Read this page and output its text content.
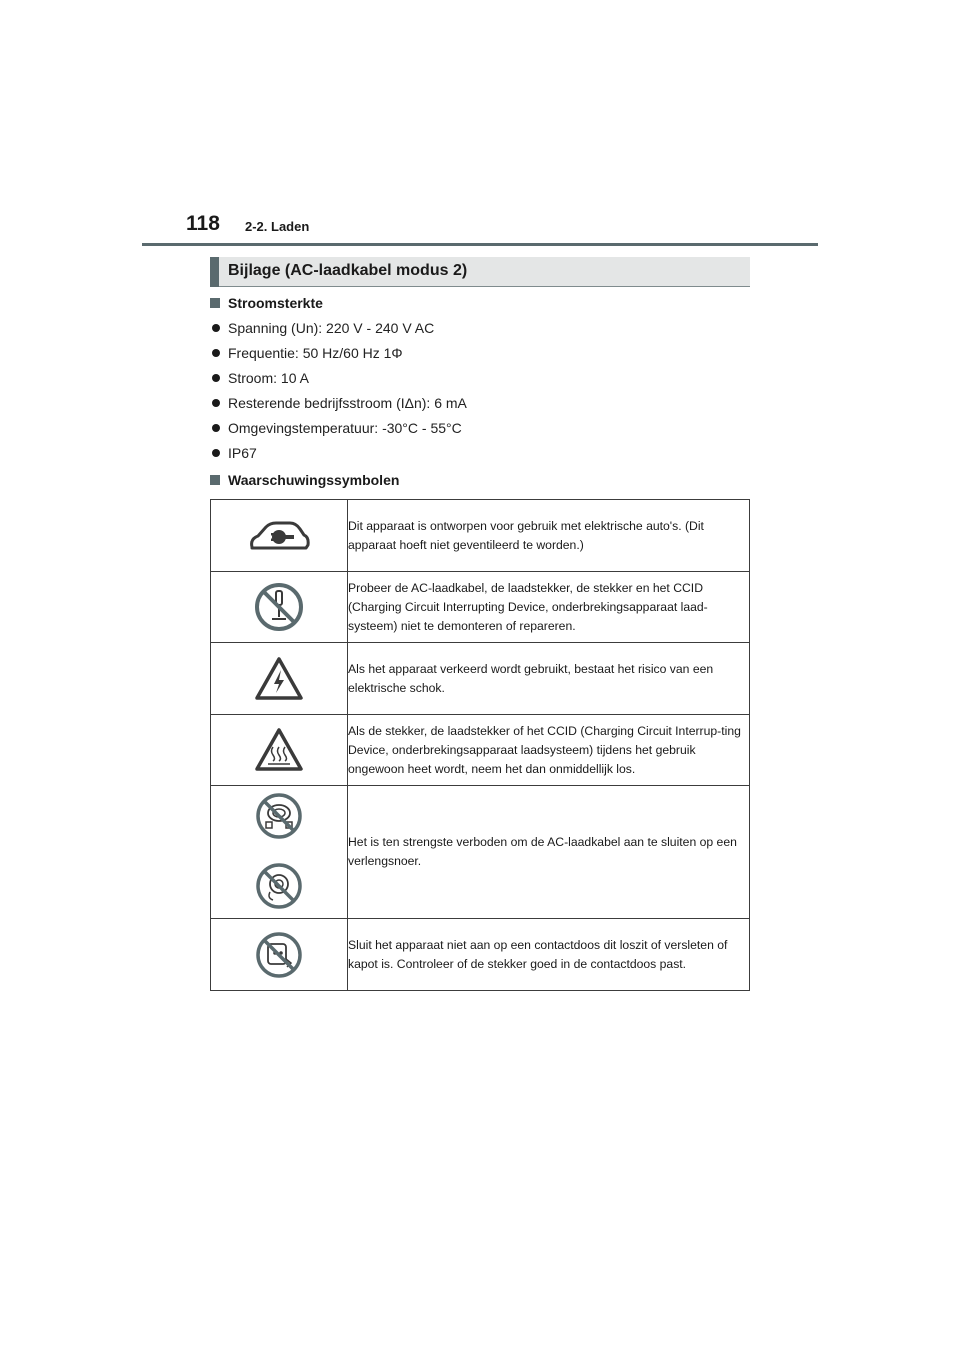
118 2-2. Laden
Bijlage (AC-laadkabel modus 2)
Stroomsterkte
Spanning (Un): 220 V - 240 V AC
Frequentie: 50 Hz/60 Hz 1Φ
Stroom: 10 A
Resterende bedrijfsstroom (IΔn): 6 mA
Omgevingstemperatuur: -30°C - 55°C
IP67
Waarschuwingssymbolen
	Dit apparaat is ontworpen voor gebruik met elektrische auto's. (Dit apparaat hoeft niet geventileerd te worden.)

	Probeer de AC-laadkabel, de laadstekker, de stekker en het CCID (Charging Circuit Interrupting Device, onderbrekingsapparaat laad-systeem) niet te demonteren of repareren.

	Als het apparaat verkeerd wordt gebruikt, bestaat het risico van een elektrische schok.

	Als de stekker, de laadstekker of het CCID (Charging Circuit Interrup-ting Device, onderbrekingsapparaat laadsysteem) tijdens het gebruik ongewoon heet wordt, neem het dan onmiddellijk los.

	Het is ten strengste verboden om de AC-laadkabel aan te sluiten op een verlengsnoer.

	Sluit het apparaat niet aan op een contactdoos dit loszit of versleten of kapot is. Controleer of de stekker goed in de contactdoos past.
